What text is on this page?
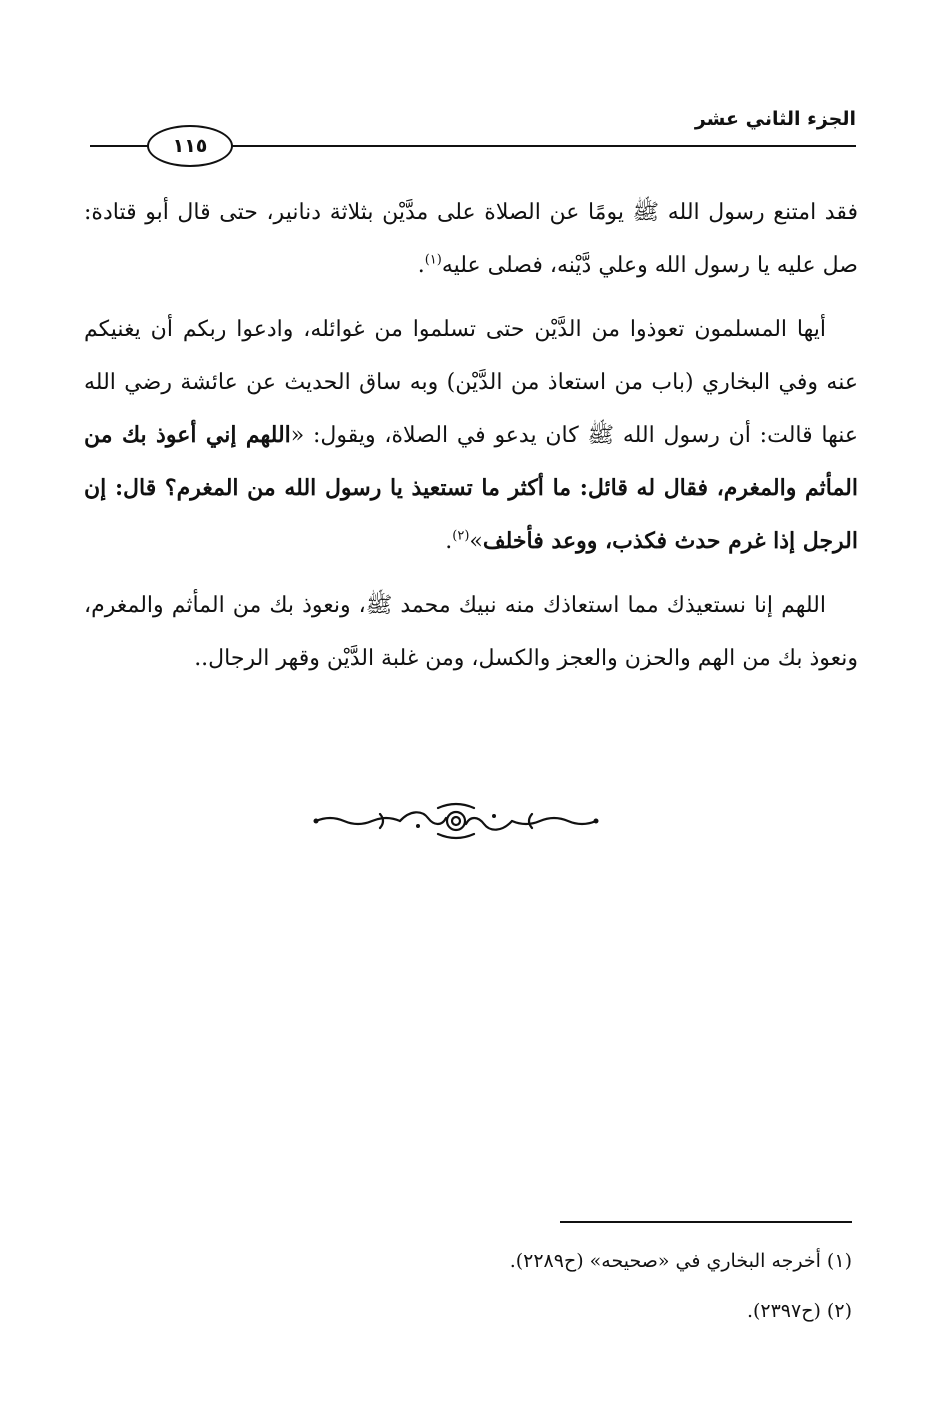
الجزء الثاني عشر
١١٥

فقد امتنع رسول الله ﷺ يومًا عن الصلاة على مدَّيْن بثلاثة دنانير، حتى قال أبو قتادة: صل عليه يا رسول الله وعلي دَّيْنه، فصلى عليه$^{(١)}$.

أيها المسلمون تعوذوا من الدَّيْن حتى تسلموا من غوائله، وادعوا ربكم أن يغنيكم عنه وفي البخاري (باب من استعاذ من الدَّيْن) وبه ساق الحديث عن عائشة رضي الله عنها قالت: أن رسول الله ﷺ كان يدعو في الصلاة، ويقول: «اللهم إني أعوذ بك من المأثم والمغرم، فقال له قائل: ما أكثر ما تستعيذ يا رسول الله من المغرم؟ قال: إن الرجل إذا غرم حدث فكذب، ووعد فأخلف»$^{(٢)}$.

اللهم إنا نستعيذك مما استعاذك منه نبيك محمد ﷺ، ونعوذ بك من المأثم والمغرم، ونعوذ بك من الهم والحزن والعجز والكسل، ومن غلبة الدَّيْن وقهر الرجال..

(١) أخرجه البخاري في «صحيحه» (ح٢٢٨٩).

(٢) (ح٢٣٩٧).
